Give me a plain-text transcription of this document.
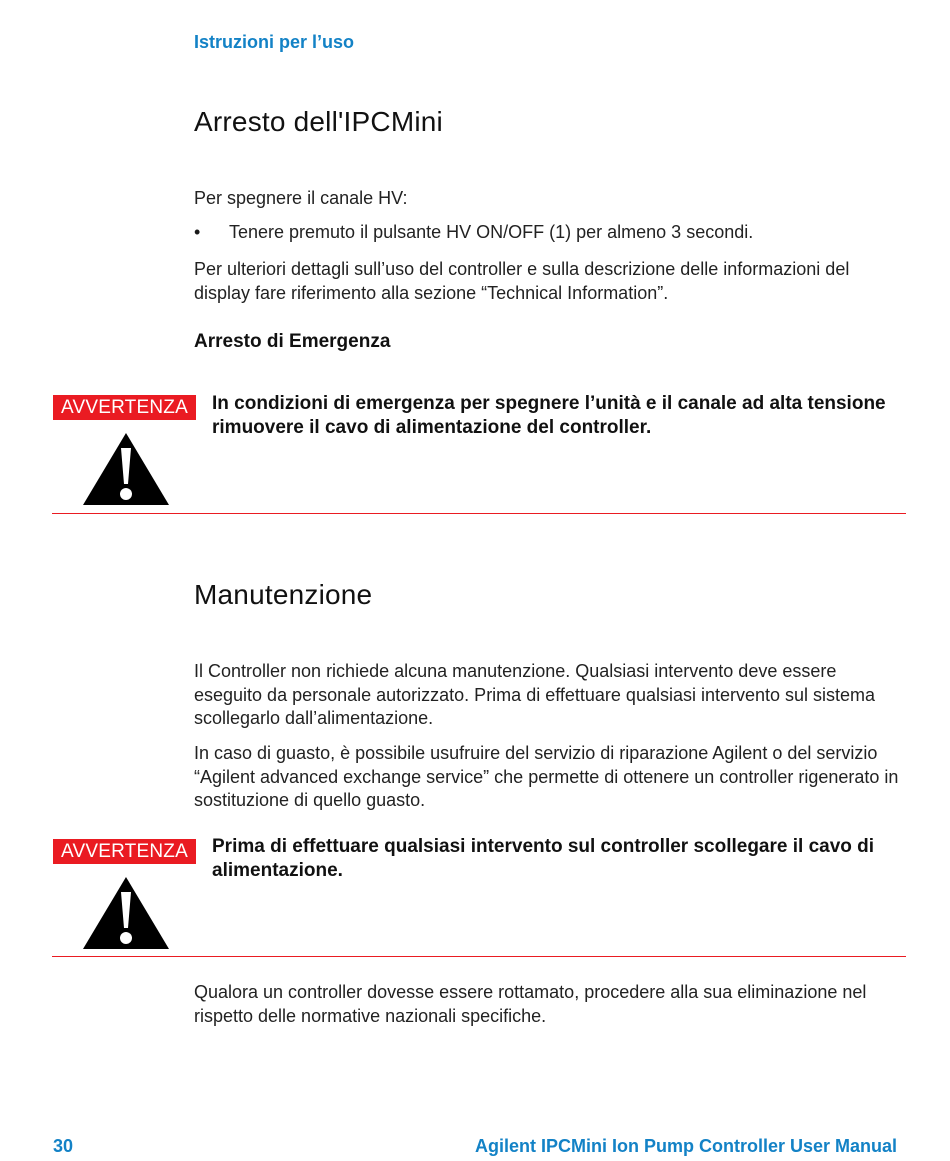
Istruzioni per l’uso
Arresto dell'IPCMini
Per spegnere il canale HV:
• Tenere premuto il pulsante HV ON/OFF (1) per almeno 3 secondi.
Per ulteriori dettagli sull’uso del controller e sulla descrizione delle informazioni del display fare riferimento alla sezione “Technical Information”.
Arresto di Emergenza
AVVERTENZA	In condizioni di emergenza per spegnere l’unità e il canale ad alta tensione rimuovere il cavo di alimentazione del controller.
Manutenzione
Il Controller non richiede alcuna manutenzione. Qualsiasi intervento deve essere eseguito da personale autorizzato. Prima di effettuare qualsiasi intervento sul sistema scollegarlo dall’alimentazione.
In caso di guasto, è possibile usufruire del servizio di riparazione Agilent o del servizio “Agilent advanced exchange service” che permette di ottenere un controller rigenerato in sostituzione di quello guasto.
AVVERTENZA	Prima di effettuare qualsiasi intervento sul controller scollegare il cavo di alimentazione.
Qualora un controller dovesse essere rottamato, procedere alla sua eliminazione nel rispetto delle normative nazionali specifiche.
30	Agilent IPCMini Ion Pump Controller User Manual
